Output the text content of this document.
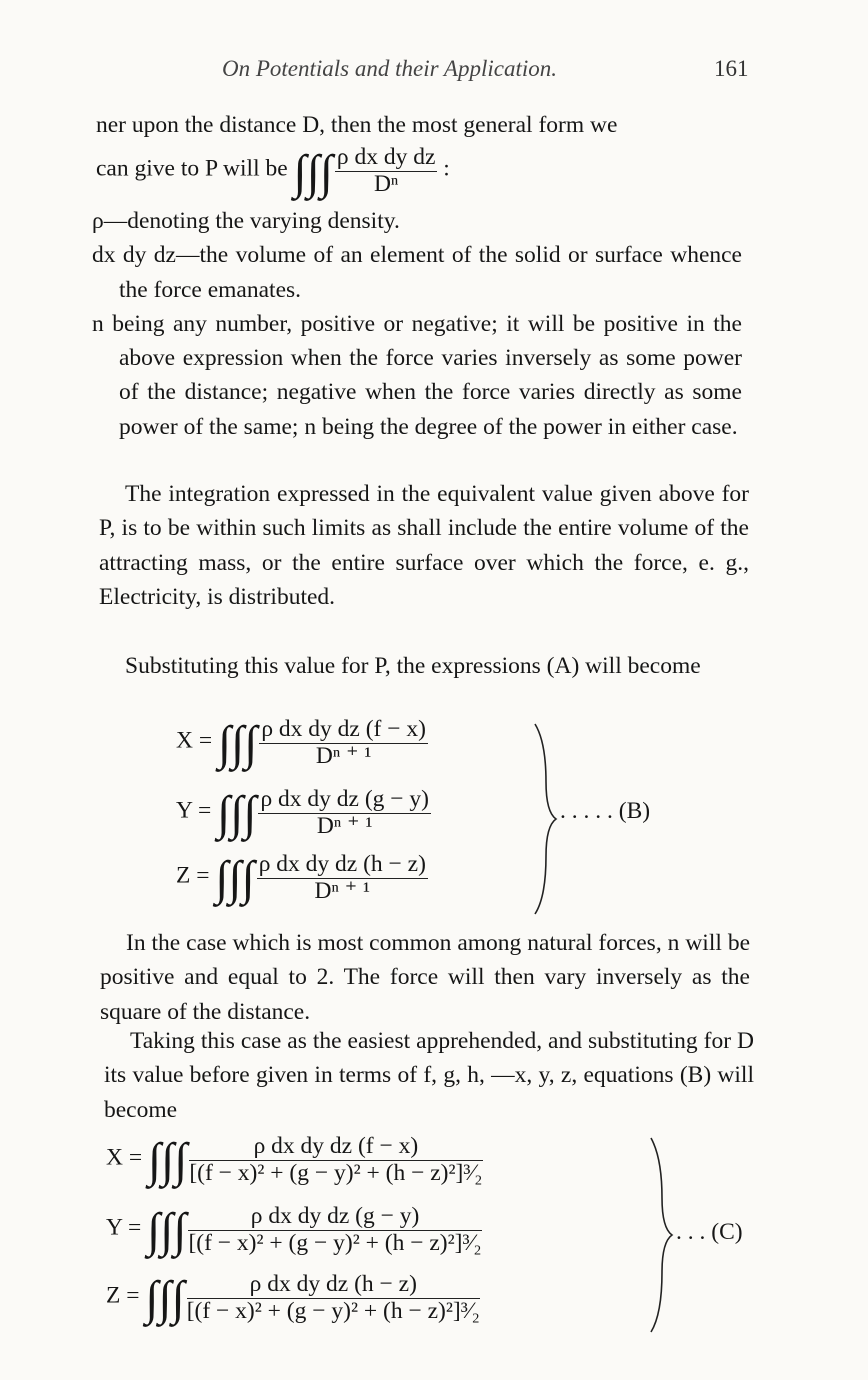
On Potentials and their Application.	161
ner upon the distance D, then the most general form we
can give to P will be ∫∫∫ $\frac{\text{ρ dx dy dz}}{\text{Dⁿ}}$ :
ρ—denoting the varying density.
dx dy dz—the volume of an element of the solid or surface whence the force emanates.
n being any number, positive or negative; it will be positive in the above expression when the force varies inversely as some power of the distance; negative when the force varies directly as some power of the same; n being the degree of the power in either case.
The integration expressed in the equivalent value given above for P, is to be within such limits as shall include the entire volume of the attracting mass, or the entire surface over which the force, e. g., Electricity, is distributed.
Substituting this value for P, the expressions (A) will become
X = ∫∫∫ $\frac{\text{ρ dx dy dz (f − x)}}{\text{Dⁿ ⁺ ¹}}$
Y = ∫∫∫ $\frac{\text{ρ dx dy dz (g − y)}}{\text{Dⁿ ⁺ ¹}}$
Z = ∫∫∫ $\frac{\text{ρ dx dy dz (h − z)}}{\text{Dⁿ ⁺ ¹}}$
. . . . . (B)
In the case which is most common among natural forces, n will be positive and equal to 2. The force will then vary inversely as the square of the distance.
Taking this case as the easiest apprehended, and substituting for D its value before given in terms of f, g, h, —x, y, z, equations (B) will become
X = ∫∫∫ $\frac{\text{ρ dx dy dz (f − x)}}{\text{[(f − x)² + (g − y)² + (h − z)²]³⁄₂}}$
Y = ∫∫∫ $\frac{\text{ρ dx dy dz (g − y)}}{\text{[(f − x)² + (g − y)² + (h − z)²]³⁄₂}}$
Z = ∫∫∫ $\frac{\text{ρ dx dy dz (h − z)}}{\text{[(f − x)² + (g − y)² + (h − z)²]³⁄₂}}$
. . . (C)
